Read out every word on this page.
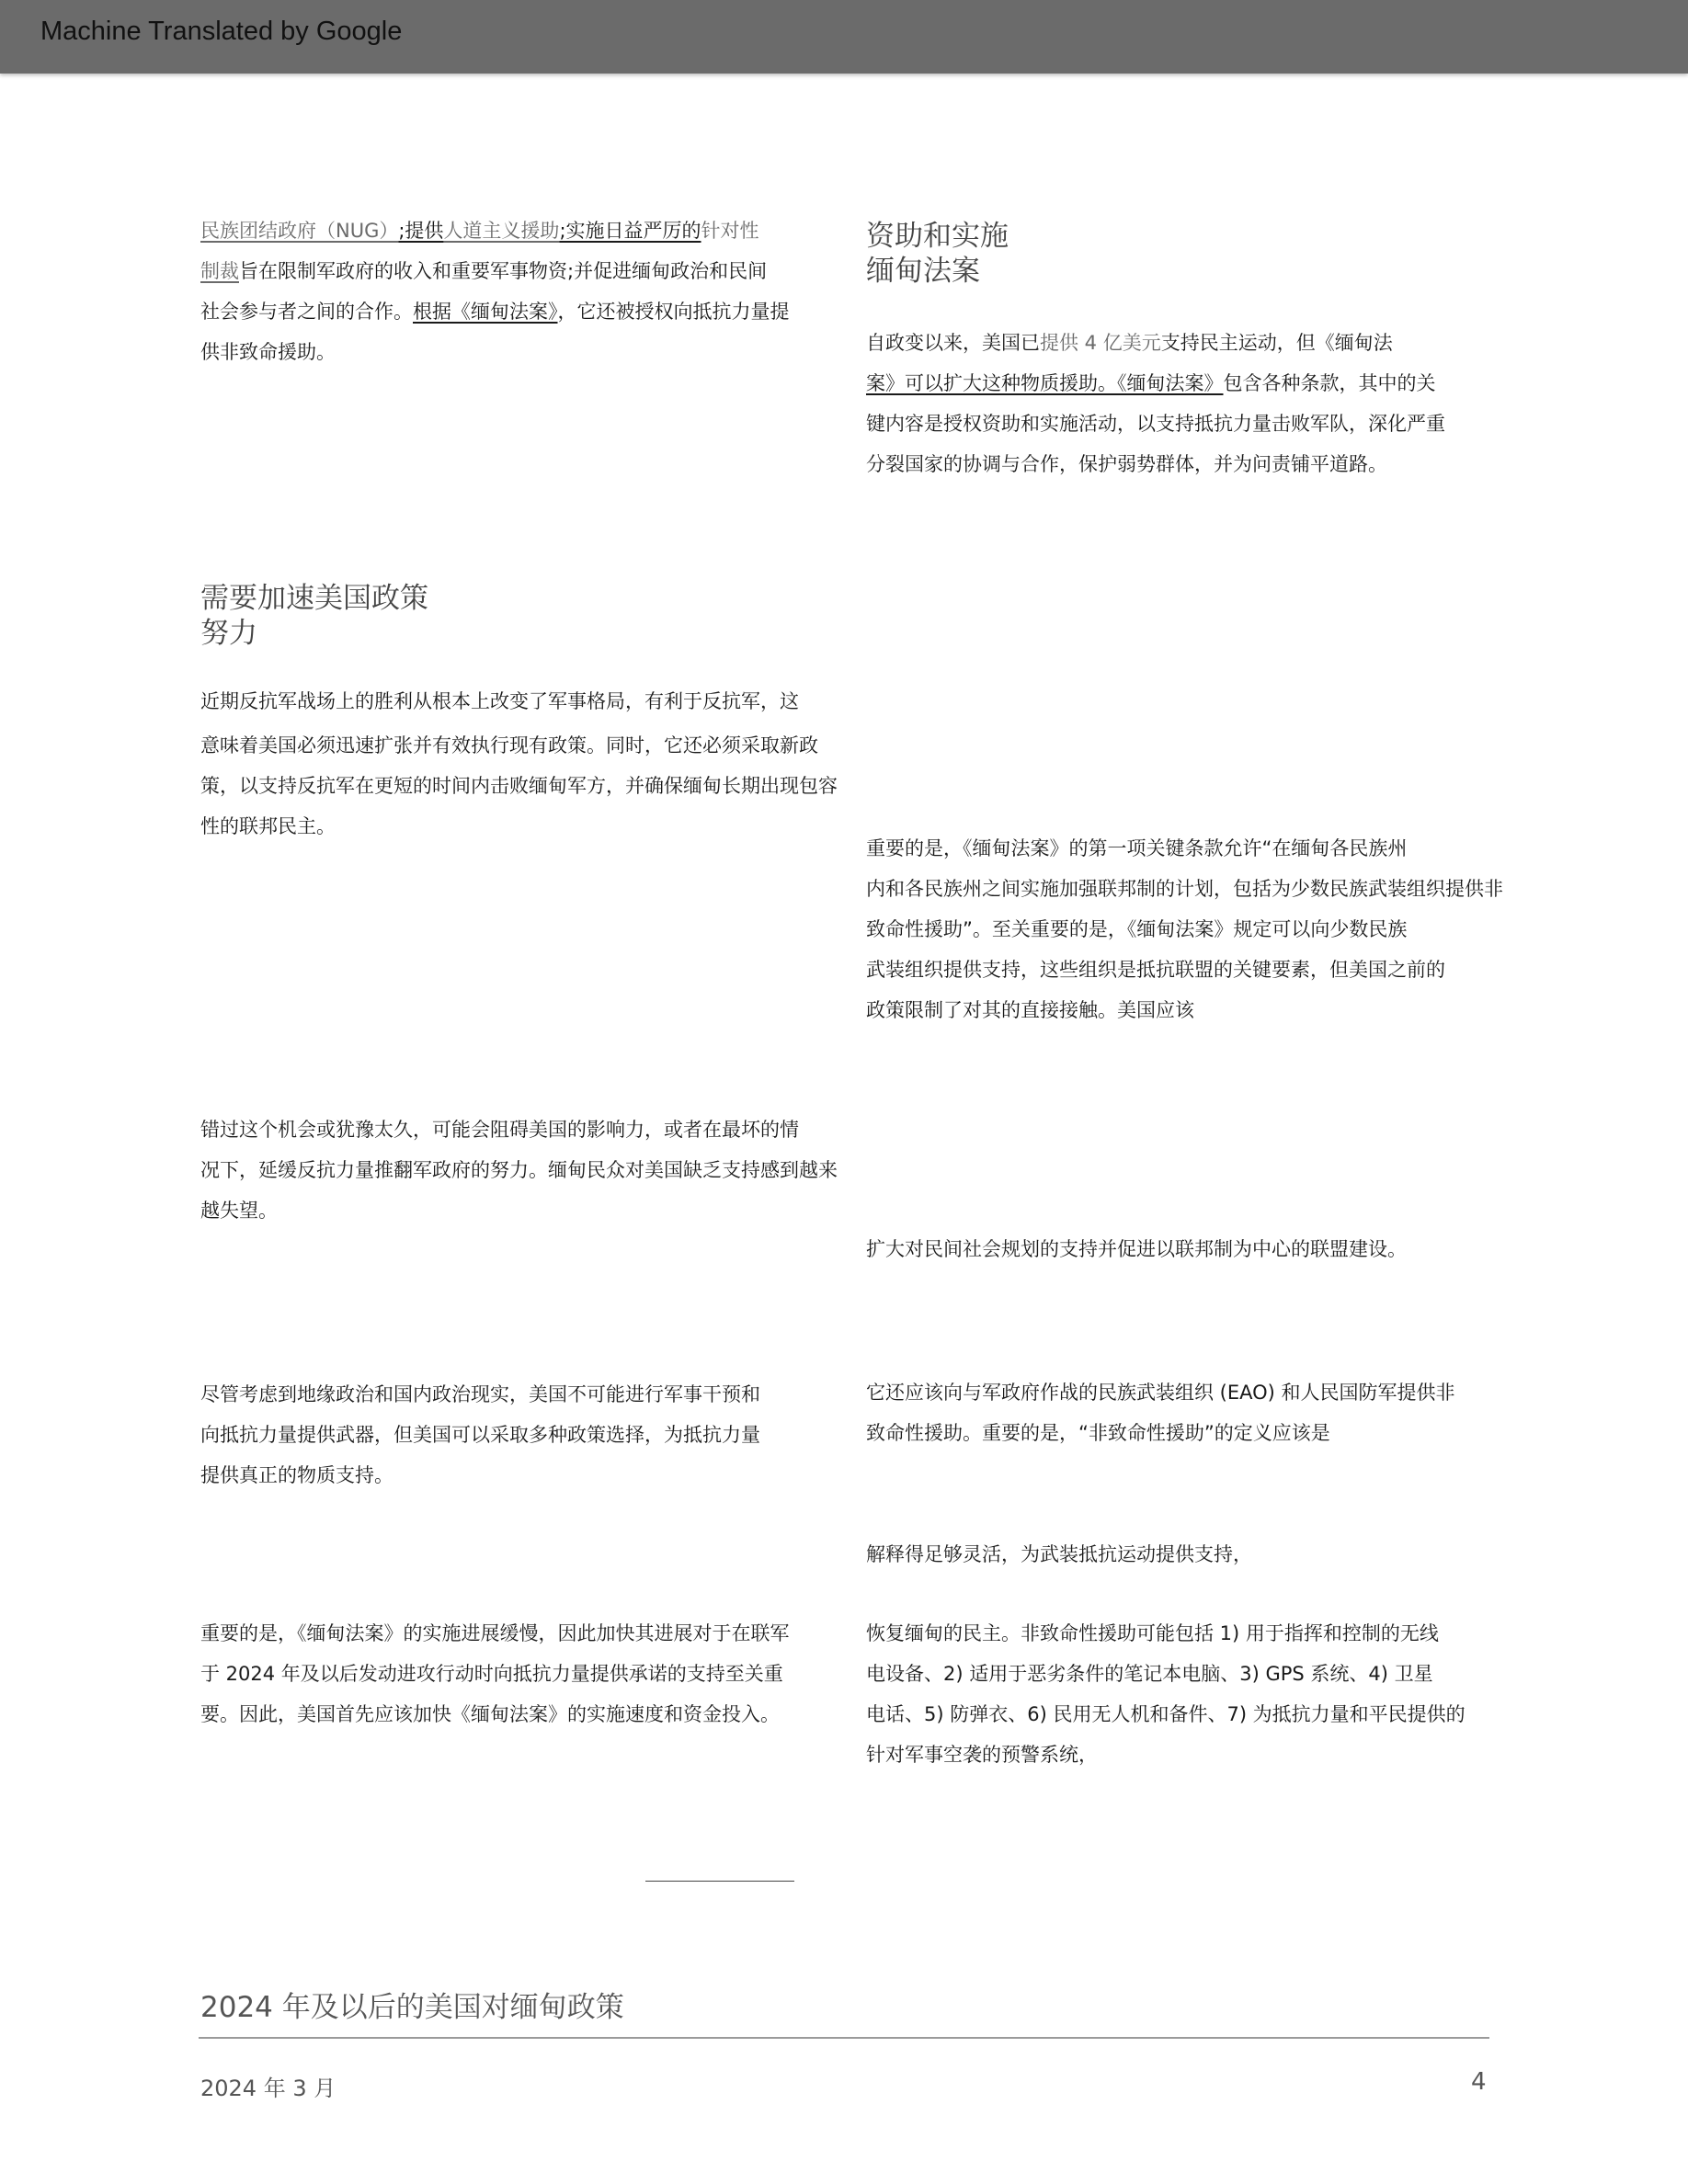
Machine Translated by Google
民族团结政府（NUG）;提供人道主义援助;实施日益严厉的针对性
制裁旨在限制军政府的收入和重要军事物资;并促进缅甸政治和民间
社会参与者之间的合作。根据《缅甸法案》，它还被授权向抵抗力量提
供非致命援助。
需要加速美国政策
努力
近期反抗军战场上的胜利从根本上改变了军事格局，有利于反抗军，这
意味着美国必须迅速扩张并有效执行现有政策。同时，它还必须采取新政
策，以支持反抗军在更短的时间内击败缅甸军方，并确保缅甸长期出现包容
性的联邦民主。
错过这个机会或犹豫太久，可能会阻碍美国的影响力，或者在最坏的情
况下，延缓反抗力量推翻军政府的努力。缅甸民众对美国缺乏支持感到越来
越失望。
尽管考虑到地缘政治和国内政治现实，美国不可能进行军事干预和
向抵抗力量提供武器，但美国可以采取多种政策选择，为抵抗力量
提供真正的物质支持。
重要的是，《缅甸法案》的实施进展缓慢，因此加快其进展对于在联军
于 2024 年及以后发动进攻行动时向抵抗力量提供承诺的支持至关重
要。因此，美国首先应该加快《缅甸法案》的实施速度和资金投入。
资助和实施
缅甸法案
自政变以来，美国已提供 4 亿美元支持民主运动，但《缅甸法
案》可以扩大这种物质援助。《缅甸法案》包含各种条款，其中的关
键内容是授权资助和实施活动，以支持抵抗力量击败军队，深化严重
分裂国家的协调与合作，保护弱势群体，并为问责铺平道路。
重要的是，《缅甸法案》的第一项关键条款允许“在缅甸各民族州
内和各民族州之间实施加强联邦制的计划，包括为少数民族武装组织提供非
致命性援助”。至关重要的是，《缅甸法案》规定可以向少数民族
武装组织提供支持，这些组织是抵抗联盟的关键要素，但美国之前的
政策限制了对其的直接接触。美国应该
扩大对民间社会规划的支持并促进以联邦制为中心的联盟建设。
它还应该向与军政府作战的民族武装组织 (EAO) 和人民国防军提供非
致命性援助。重要的是，“非致命性援助”的定义应该是
解释得足够灵活，为武装抵抗运动提供支持，
恢复缅甸的民主。非致命性援助可能包括 1) 用于指挥和控制的无线
电设备、2) 适用于恶劣条件的笔记本电脑、3) GPS 系统、4) 卫星
电话、5) 防弹衣、6) 民用无人机和备件、7) 为抵抗力量和平民提供的
针对军事空袭的预警系统，
2024 年及以后的美国对缅甸政策
2024 年 3 月	4
